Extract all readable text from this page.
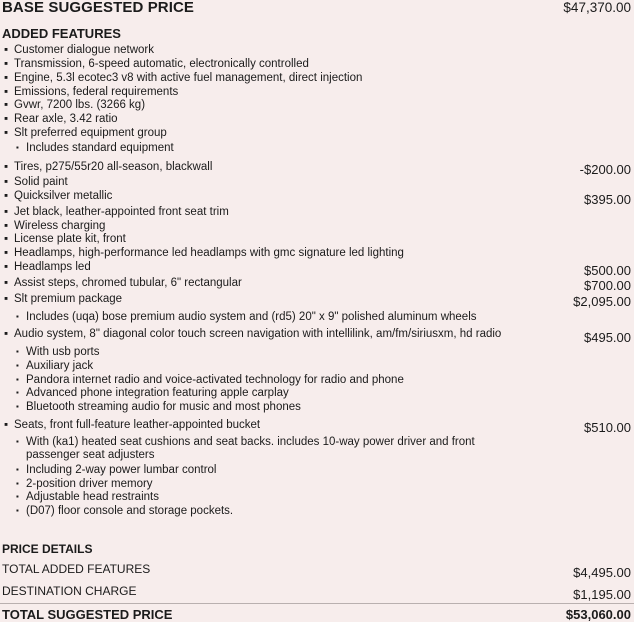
BASE SUGGESTED PRICE	$47,370.00
ADDED FEATURES
▪ Customer dialogue network
▪ Transmission, 6-speed automatic, electronically controlled
▪ Engine, 5.3l ecotec3 v8 with active fuel management, direct injection
▪ Emissions, federal requirements
▪ Gvwr, 7200 lbs. (3266 kg)
▪ Rear axle, 3.42 ratio
▪ Slt preferred equipment group
▪ Includes standard equipment
▪ Tires, p275/55r20 all-season, blackwall	-$200.00
▪ Solid paint
▪ Quicksilver metallic	$395.00
▪ Jet black, leather-appointed front seat trim
▪ Wireless charging
▪ License plate kit, front
▪ Headlamps, high-performance led headlamps with gmc signature led lighting
▪ Headlamps led	$500.00
▪ Assist steps, chromed tubular, 6" rectangular	$700.00
▪ Slt premium package	$2,095.00
▪ Includes (uqa) bose premium audio system and (rd5) 20" x 9" polished aluminum wheels
▪ Audio system, 8" diagonal color touch screen navigation with intellilink, am/fm/siriusxm, hd radio	$495.00
▪ With usb ports
▪ Auxiliary jack
▪ Pandora internet radio and voice-activated technology for radio and phone
▪ Advanced phone integration featuring apple carplay
▪ Bluetooth streaming audio for music and most phones
▪ Seats, front full-feature leather-appointed bucket	$510.00
▪ With (ka1) heated seat cushions and seat backs. includes 10-way power driver and front
passenger seat adjusters
▪ Including 2-way power lumbar control
▪ 2-position driver memory
▪ Adjustable head restraints
▪ (D07) floor console and storage pockets.
PRICE DETAILS
TOTAL ADDED FEATURES	$4,495.00
DESTINATION CHARGE	$1,195.00
TOTAL SUGGESTED PRICE	$53,060.00
